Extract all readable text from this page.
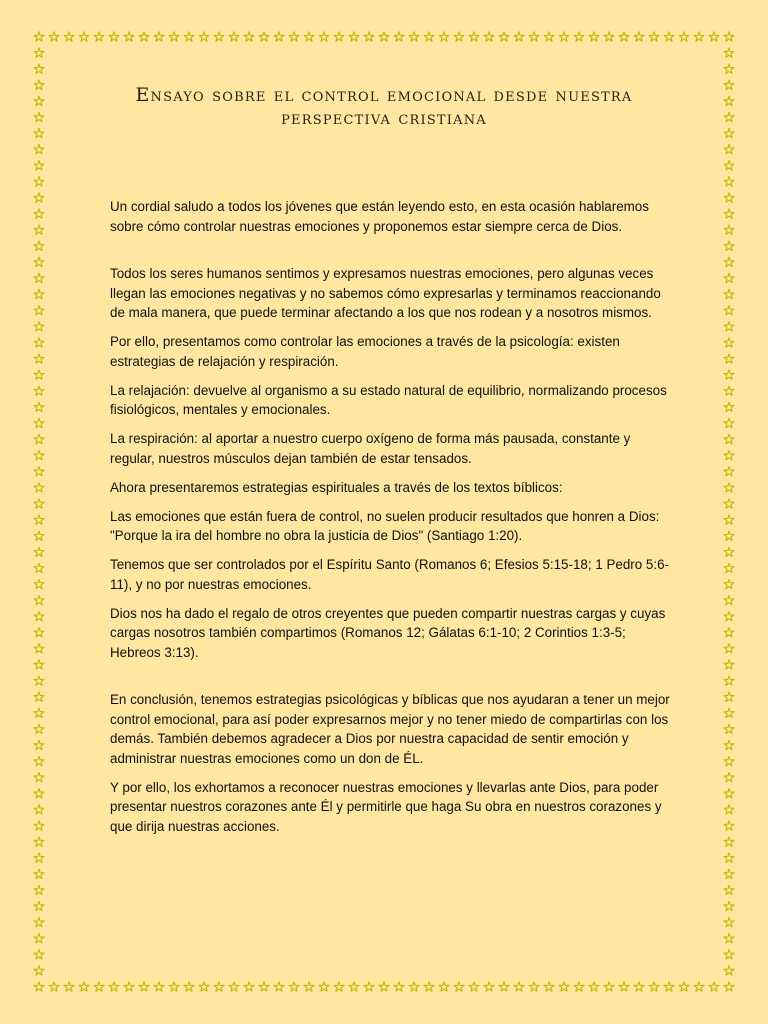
Ensayo sobre el control emocional desde nuestra perspectiva cristiana

Un cordial saludo a todos los jóvenes que están leyendo esto, en esta ocasión hablaremos sobre cómo controlar nuestras emociones y proponemos estar siempre cerca de Dios.

Todos los seres humanos sentimos y expresamos nuestras emociones, pero algunas veces llegan las emociones negativas y no sabemos cómo expresarlas y terminamos reaccionando de mala manera, que puede terminar afectando a los que nos rodean y a nosotros mismos.

Por ello, presentamos como controlar las emociones a través de la psicología: existen estrategias de relajación y respiración.

La relajación: devuelve al organismo a su estado natural de equilibrio, normalizando procesos fisiológicos, mentales y emocionales.

La respiración: al aportar a nuestro cuerpo oxígeno de forma más pausada, constante y regular, nuestros músculos dejan también de estar tensados.

Ahora presentaremos estrategias espirituales a través de los textos bíblicos:

Las emociones que están fuera de control, no suelen producir resultados que honren a Dios: "Porque la ira del hombre no obra la justicia de Dios" (Santiago 1:20).

Tenemos que ser controlados por el Espíritu Santo (Romanos 6; Efesios 5:15-18; 1 Pedro 5:6-11), y no por nuestras emociones.

Dios nos ha dado el regalo de otros creyentes que pueden compartir nuestras cargas y cuyas cargas nosotros también compartimos (Romanos 12; Gálatas 6:1-10; 2 Corintios 1:3-5; Hebreos 3:13).

En conclusión, tenemos estrategias psicológicas y bíblicas que nos ayudaran a tener un mejor control emocional, para así poder expresarnos mejor y no tener miedo de compartirlas con los demás. También debemos agradecer a Dios por nuestra capacidad de sentir emoción y administrar nuestras emociones como un don de ÉL.

Y por ello, los exhortamos a reconocer nuestras emociones y llevarlas ante Dios, para poder presentar nuestros corazones ante Él y permitirle que haga Su obra en nuestros corazones y que dirija nuestras acciones.
